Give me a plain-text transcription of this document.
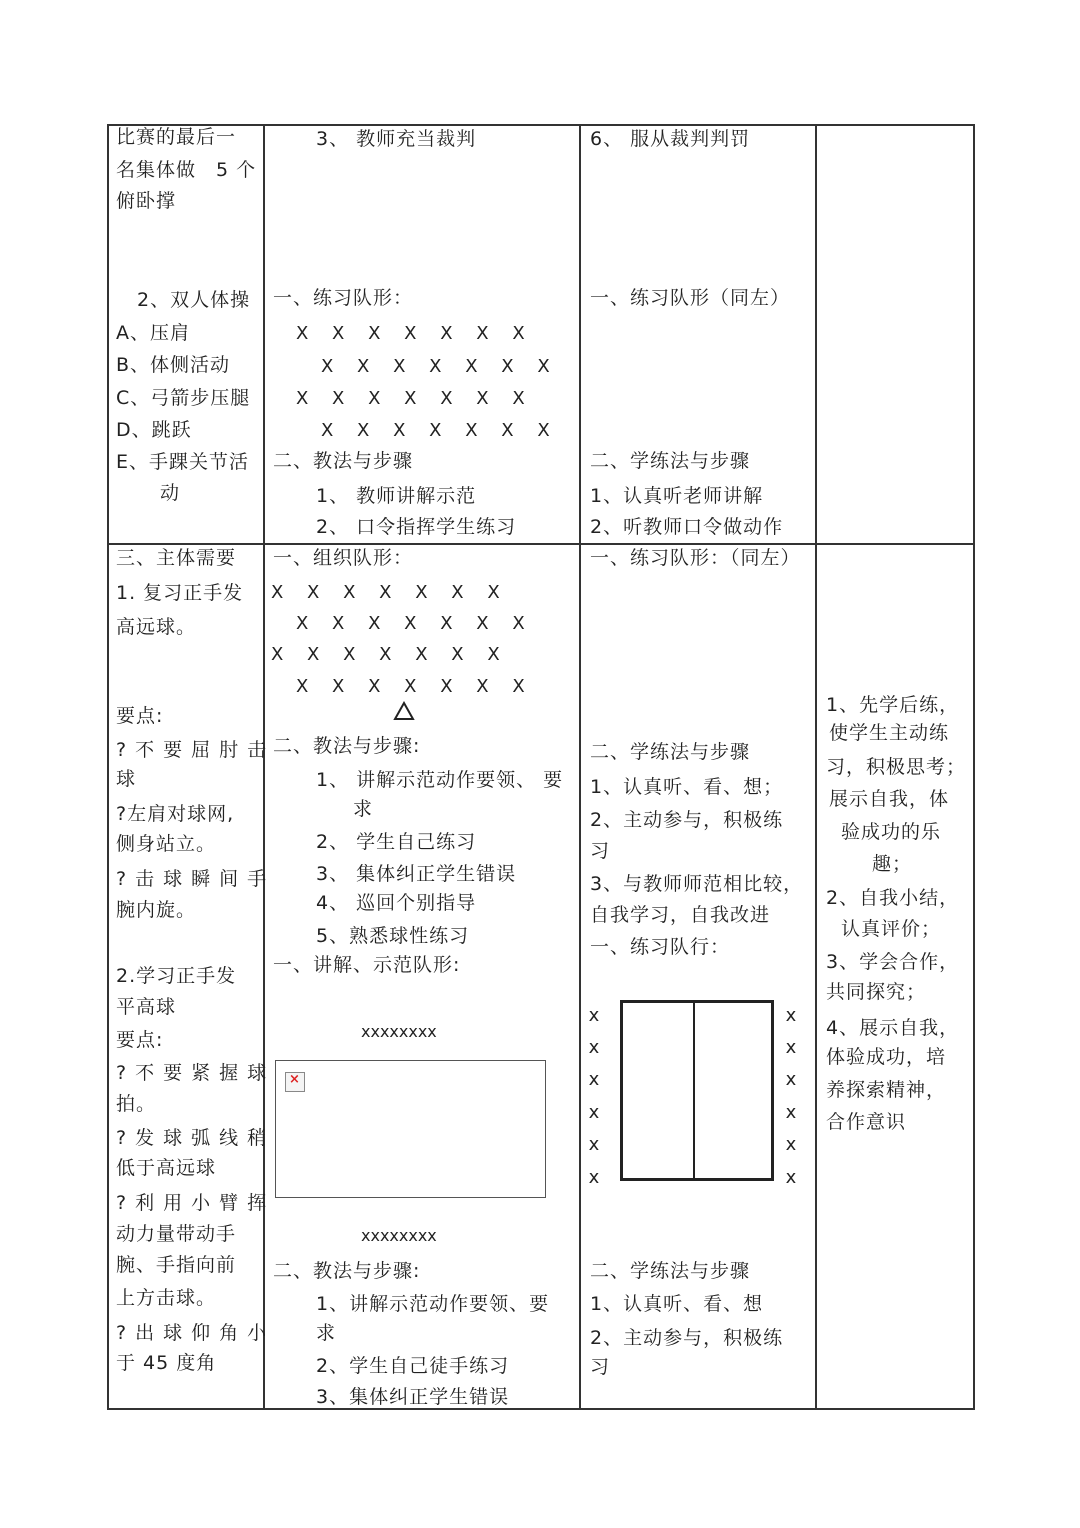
比赛的最后一
名集体做　5 个
俯卧撑
2、双人体操
A、压肩
B、体侧活动
C、弓箭步压腿
D、跳跃
E、手踝关节活
动
3、 教师充当裁判
一、练习队形：
X　 X 　X 　X 　X 　X 　X
X　 X 　X 　X 　X 　X 　X
X　 X 　X 　X 　X 　X 　X
X　 X 　X 　X 　X 　X 　X
二、教法与步骤
1、 教师讲解示范
2、 口令指挥学生练习
6、 服从裁判判罚
一、练习队形（同左）
二、学练法与步骤
1、认真听老师讲解
2、听教师口令做动作
三、主体需要
1. 复习正手发
高远球。
要点:
?不要屈肘击
球
?左肩对球网,
侧身站立。
?击球瞬间手
腕内旋。
2.学习正手发
平高球
要点:
?不要紧握球
拍。
?发球弧线稍
低于高远球
?利用小臂挥
动力量带动手
腕、手指向前
上方击球。
?出球仰角小
于 45 度角
一、组织队形：
X　 X 　X 　X 　X 　X 　X
X　 X 　X 　X 　X 　X 　X
X　 X 　X 　X 　X 　X 　X
X　 X 　X 　X 　X 　X 　X
二、教法与步骤:
1、 讲解示范动作要领、 要
求
2、 学生自己练习
3、 集体纠正学生错误
4、 巡回个别指导
5、熟悉球性练习
一、讲解、示范队形:
xxxxxxxx
×
xxxxxxxx
二、教法与步骤:
1、讲解示范动作要领、要
求
2、学生自己徒手练习
3、集体纠正学生错误
一、练习队形：（同左）
二、学练法与步骤
1、认真听、看、想；
2、主动参与，积极练
习
3、与教师师范相比较，
自我学习，自我改进
一、练习队行：
x
x
x
x
x
x
x
x
x
x
x
x
二、学练法与步骤
1、认真听、看、想
2、主动参与，积极练
习
1、先学后练，
使学生主动练
习，积极思考；
展示自我，体
验成功的乐
趣；
2、自我小结，
认真评价；
3、学会合作，
共同探究；
4、展示自我，
体验成功，培
养探索精神，
合作意识
